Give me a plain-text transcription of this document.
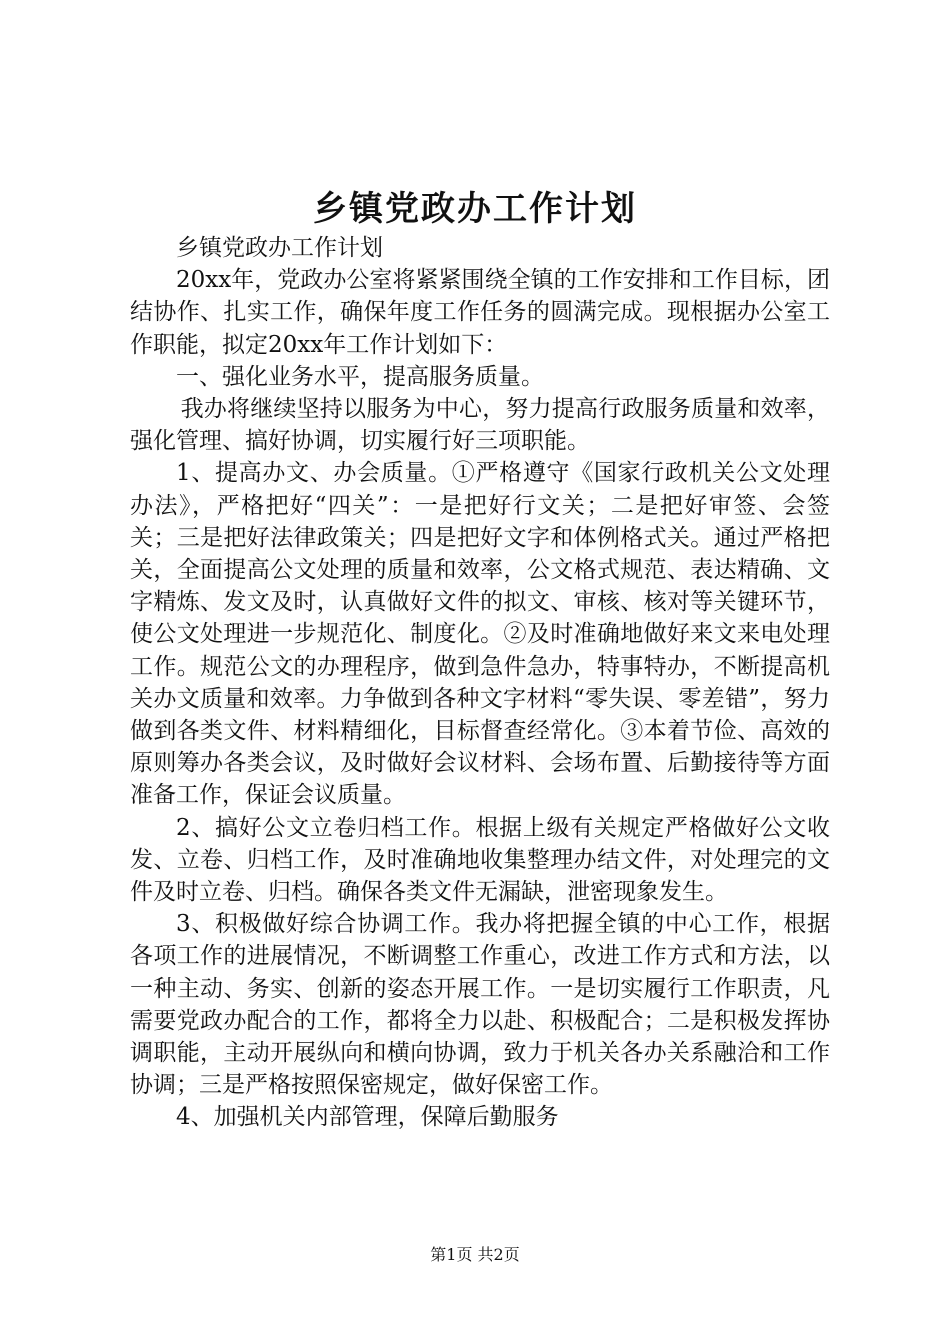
乡镇党政办工作计划

乡镇党政办工作计划

20xx年，党政办公室将紧紧围绕全镇的工作安排和工作目标，团结协作、扎实工作，确保年度工作任务的圆满完成。现根据办公室工作职能，拟定20xx年工作计划如下：

一、强化业务水平，提高服务质量。

我办将继续坚持以服务为中心，努力提高行政服务质量和效率，强化管理、搞好协调，切实履行好三项职能。

1、提高办文、办会质量。①严格遵守《国家行政机关公文处理办法》，严格把好“四关”：一是把好行文关；二是把好审签、会签关；三是把好法律政策关；四是把好文字和体例格式关。通过严格把关，全面提高公文处理的质量和效率，公文格式规范、表达精确、文字精炼、发文及时，认真做好文件的拟文、审核、核对等关键环节，使公文处理进一步规范化、制度化。②及时准确地做好来文来电处理工作。规范公文的办理程序，做到急件急办，特事特办，不断提高机关办文质量和效率。力争做到各种文字材料“零失误、零差错”，努力做到各类文件、材料精细化，目标督查经常化。③本着节俭、高效的原则筹办各类会议，及时做好会议材料、会场布置、后勤接待等方面准备工作，保证会议质量。

2、搞好公文立卷归档工作。根据上级有关规定严格做好公文收发、立卷、归档工作，及时准确地收集整理办结文件，对处理完的文件及时立卷、归档。确保各类文件无漏缺，泄密现象发生。

3、积极做好综合协调工作。我办将把握全镇的中心工作，根据各项工作的进展情况，不断调整工作重心，改进工作方式和方法，以一种主动、务实、创新的姿态开展工作。一是切实履行工作职责，凡需要党政办配合的工作，都将全力以赴、积极配合；二是积极发挥协调职能，主动开展纵向和横向协调，致力于机关各办关系融洽和工作协调；三是严格按照保密规定，做好保密工作。

4、加强机关内部管理，保障后勤服务

第1页 共2页
